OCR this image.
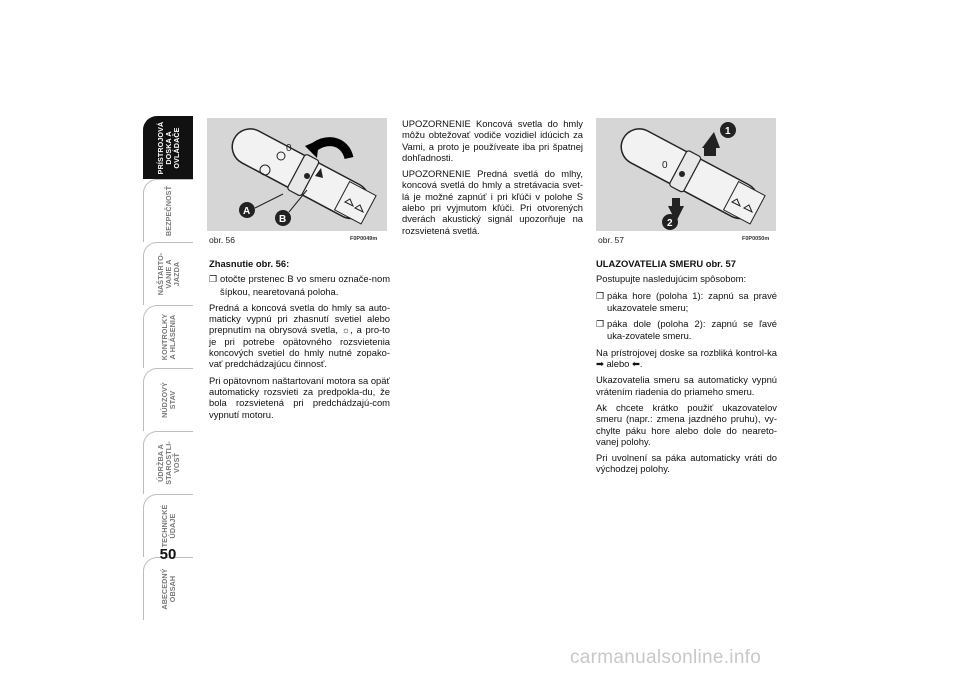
PRÍSTROJOVÁ
DOSKA A
OVLÁDAČE
BEZPEČNOSŤ
NAŠTARTO-
VANIE A
JAZDA
KONTROLKY
A HLÁSENIA
NÚDZOVÝ
STAV
ÚDRŽBA A
STAROSTLI-
VOSŤ
TECHNICKÉ
ÚDAJE
ABECEDNÝ
OBSAH
50
0
A
B
obr. 56	F0P0049m
0
1
2
obr. 57	F0P0050m

Zhasnutie obr. 56:

❐ otočte prstenec B vo smeru označe-nom šípkou, nearetovaná poloha.

Predná a koncová svetla do hmly sa auto-maticky vypnú pri zhasnutí svetiel alebo prepnutím na obrysová svetla, ☼, a pro-to je pri potrebe opätovného rozsvietenia koncových svetiel do hmly nutné zopako-vať predchádzajúcu činnosť.

Pri opätovnom naštartovaní motora sa opäť automaticky rozsvieti za predpokla-du, že bola rozsvietená pri predchádzajú-com vypnutí motoru.

UPOZORNENIE Koncová svetla do hmly môžu obtežovať vodiče vozidiel idúcich za Vami, a proto je používeate iba pri špatnej dohľadnosti.

UPOZORNENIE Predná svetlá do mlhy, koncová svetlá do hmly a stretávacia svet-lá je možné zapnúť i pri kľúči v polohe S alebo pri vyjmutom kľúči. Pri otvorených dverách akustický signál upozorňuje na rozsvietená svetlá.

ULAZOVATELIA SMERU obr. 57

Postupujte nasledujúcim spôsobom:

❐ páka hore (poloha 1): zapnú sa pravé ukazovatele smeru;

❐ páka dole (poloha 2): zapnú se ľavé uka-zovatele smeru.

Na prístrojovej doske sa rozbliká kontrol-ka ➡ alebo ⬅.

Ukazovatelia smeru sa automaticky vypnú vrátením riadenia do priameho smeru.

Ak chcete krátko použiť ukazovatelov smeru (napr.: zmena jazdného pruhu), vy-chylte páku hore alebo dole do neareto-vanej polohy.

Pri uvolnení sa páka automaticky vráti do východzej polohy.

carmanualsonline.info
